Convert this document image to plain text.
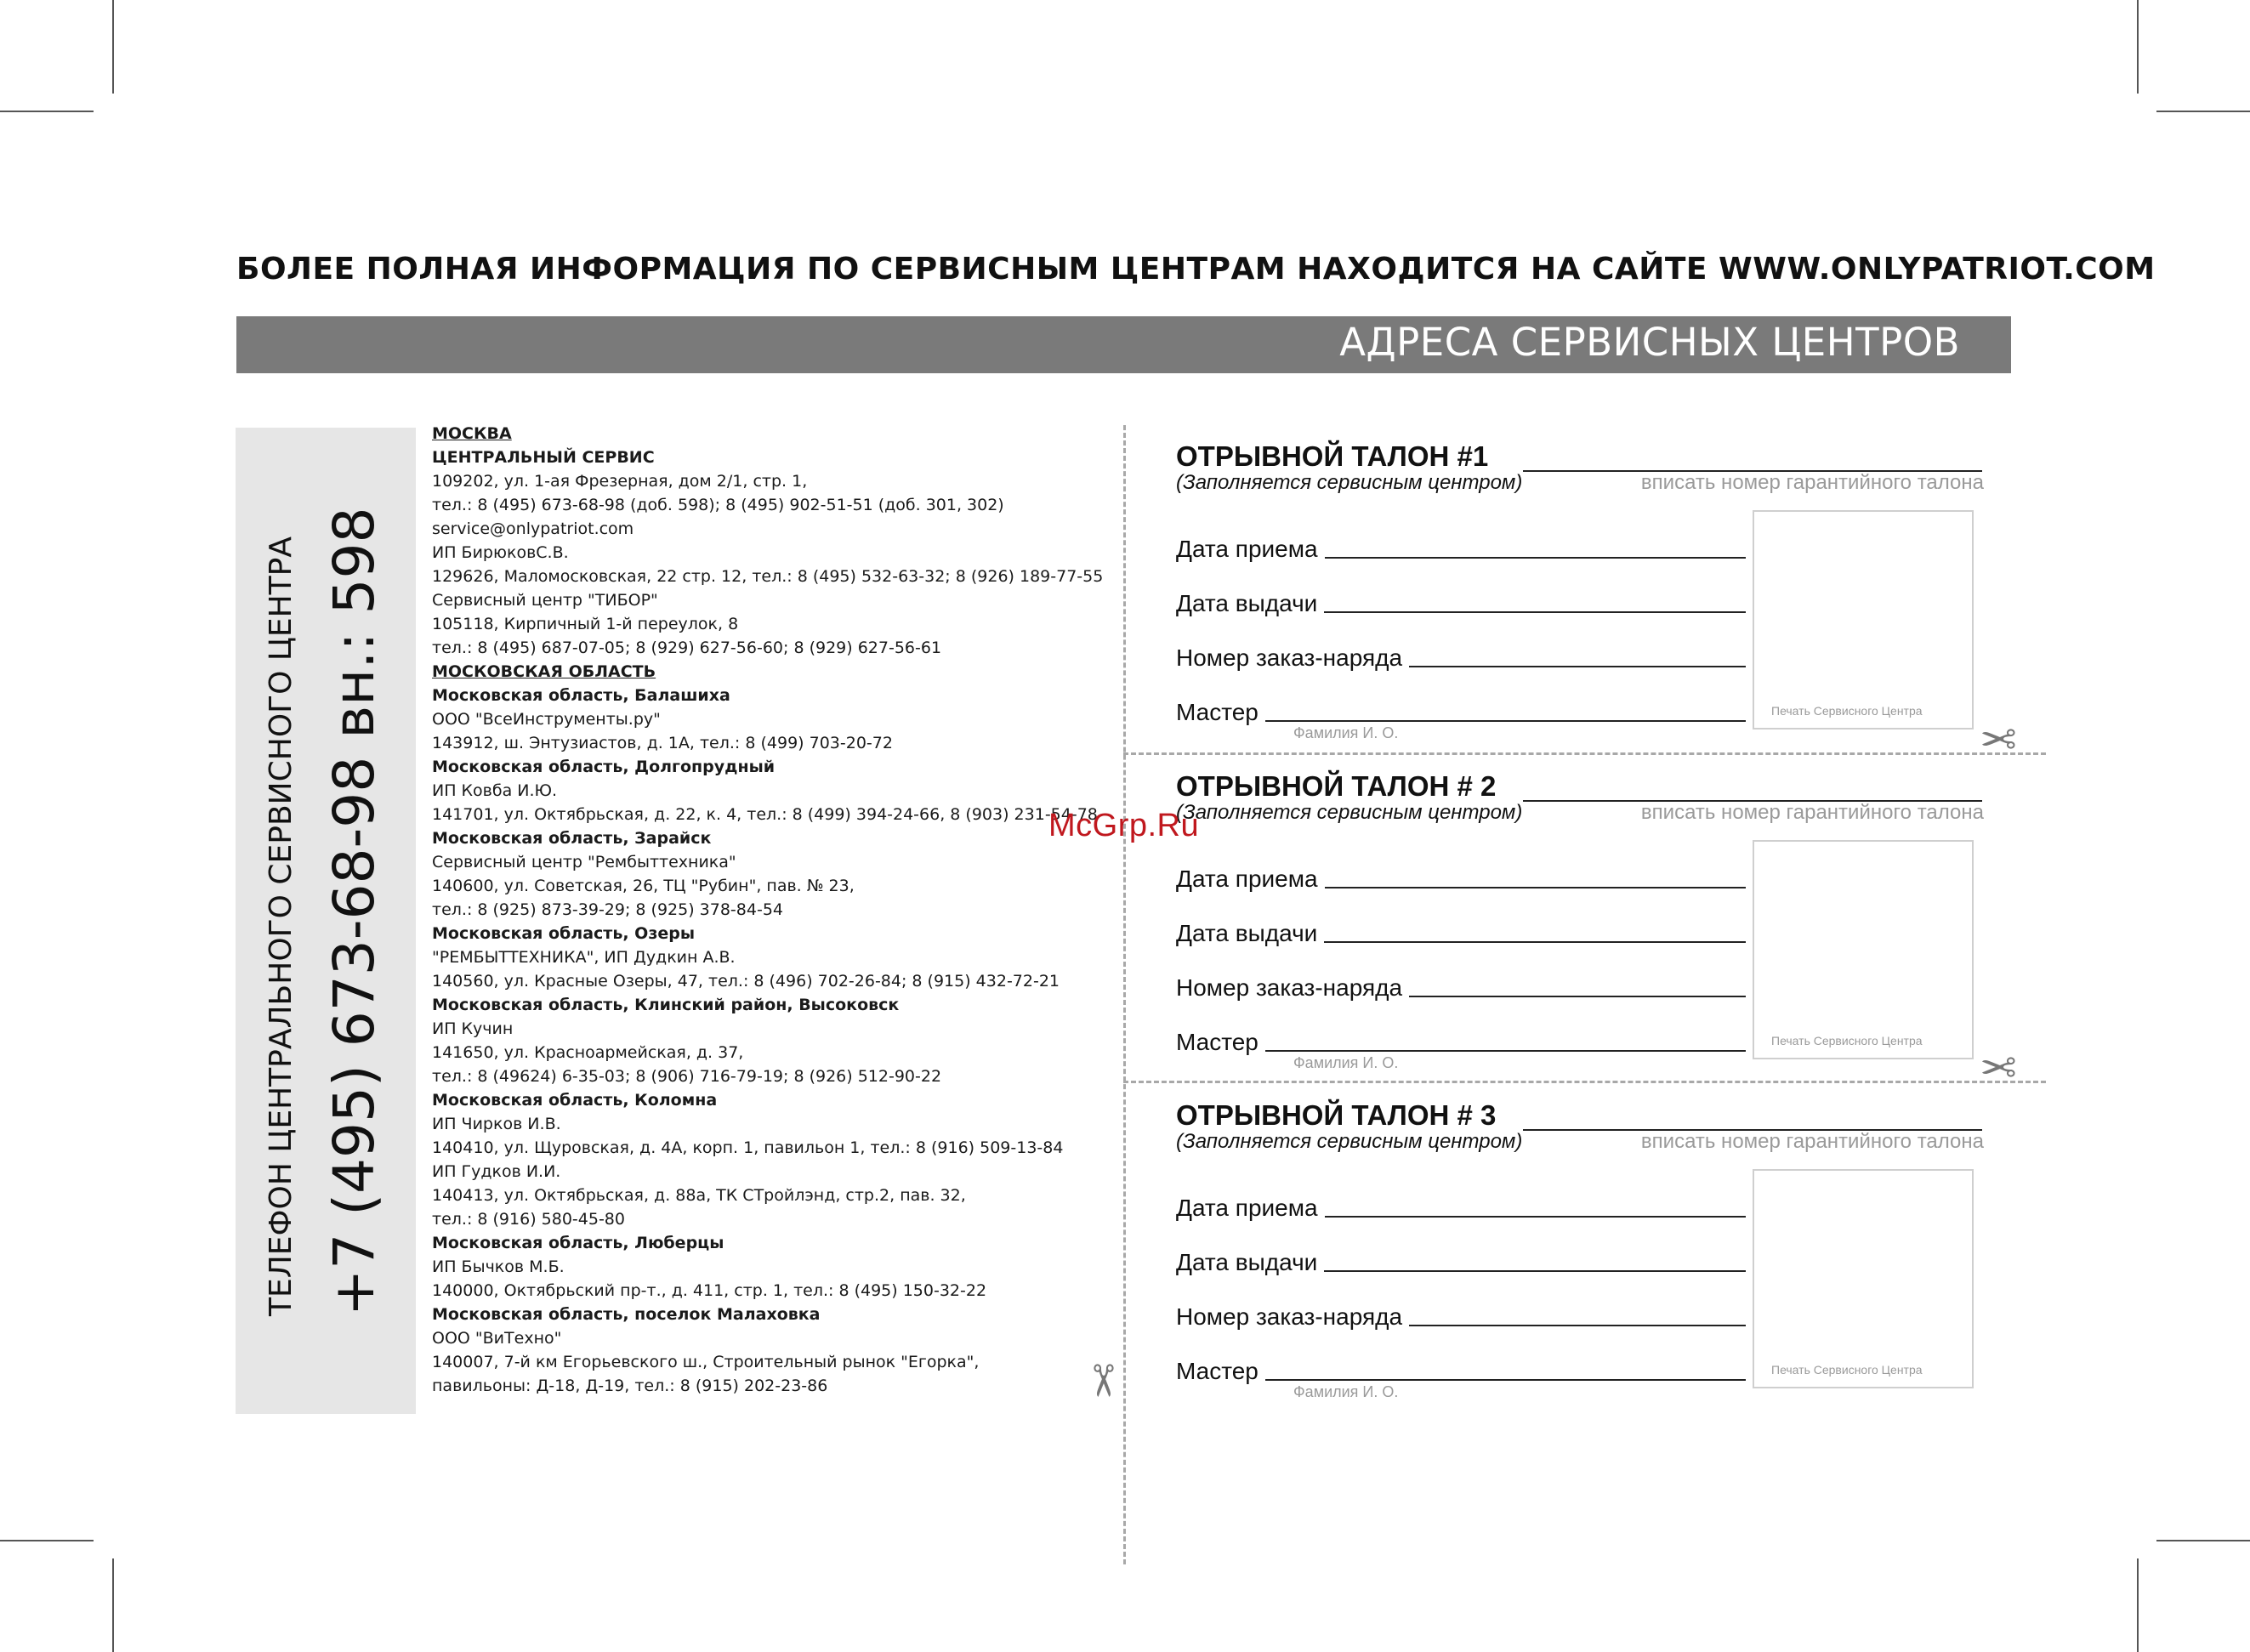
БОЛЕЕ ПОЛНАЯ ИНФОРМАЦИЯ ПО СЕРВИСНЫМ ЦЕНТРАМ НАХОДИТСЯ НА САЙТЕ WWW.ONLYPATRIOT.COM
АДРЕСА СЕРВИСНЫХ ЦЕНТРОВ
ТЕЛЕФОН ЦЕНТРАЛЬНОГО СЕРВИСНОГО ЦЕНТРА +7 (495) 673-68-98 вн.: 598
МОСКВА
ЦЕНТРАЛЬНЫЙ СЕРВИС
109202, ул. 1-ая Фрезерная, дом 2/1, стр. 1,
тел.: 8 (495) 673-68-98 (доб. 598); 8 (495) 902-51-51 (доб. 301, 302)
service@onlypatriot.com
ИП БирюковС.В.
129626, Маломосковская, 22 стр. 12, тел.: 8 (495) 532-63-32; 8 (926) 189-77-55
Сервисный центр "ТИБОР"
105118, Кирпичный 1-й переулок, 8
тел.: 8 (495) 687-07-05; 8 (929) 627-56-60; 8 (929) 627-56-61
МОСКОВСКАЯ ОБЛАСТЬ
Московская область, Балашиха
ООО "ВсеИнструменты.ру"
143912, ш. Энтузиастов, д. 1А, тел.: 8 (499) 703-20-72
Московская область, Долгопрудный
ИП Ковба И.Ю.
141701, ул. Октябрьская, д. 22, к. 4, тел.: 8 (499) 394-24-66, 8 (903) 231-54-78
Московская область, Зарайск
Сервисный центр "Рембыттехника"
140600, ул. Советская, 26, ТЦ "Рубин", пав. № 23,
тел.: 8 (925) 873-39-29; 8 (925) 378-84-54
Московская область, Озеры
"РЕМБЫТТЕХНИКА", ИП Дудкин А.В.
140560, ул. Красные Озеры, 47, тел.: 8 (496) 702-26-84; 8 (915) 432-72-21
Московская область, Клинский район, Высоковск
ИП Кучин
141650, ул. Красноармейская, д. 37,
тел.: 8 (49624) 6-35-03; 8 (906) 716-79-19; 8 (926) 512-90-22
Московская область, Коломна
ИП Чирков И.В.
140410, ул. Щуровская, д. 4А, корп. 1, павильон 1, тел.: 8 (916) 509-13-84
ИП Гудков И.И.
140413, ул. Октябрьская, д. 88а, ТК СТройлэнд, стр.2, пав. 32,
тел.: 8 (916) 580-45-80
Московская область, Люберцы
ИП Бычков М.Б.
140000, Октябрьский пр-т., д. 411, стр. 1, тел.: 8 (495) 150-32-22
Московская область, поселок Малаховка
ООО "ВиТехно"
140007, 7-й км Егорьевского ш., Строительный рынок "Егорка",
павильоны: Д-18, Д-19, тел.: 8 (915) 202-23-86	✂
✂
✂
ОТРЫВНОЙ ТАЛОН #1
(Заполняется сервисным центром)	вписать номер гарантийного талона
Дата приема
Дата выдачи
Номер заказ-наряда
Мастер
Фамилия И. О.
Печать Сервисного Центра
ОТРЫВНОЙ ТАЛОН # 2
(Заполняется сервисным центром)	вписать номер гарантийного талона
Дата приема
Дата выдачи
Номер заказ-наряда
Мастер
Фамилия И. О.
Печать Сервисного Центра
ОТРЫВНОЙ ТАЛОН # 3
(Заполняется сервисным центром)	вписать номер гарантийного талона
Дата приема
Дата выдачи
Номер заказ-наряда
Мастер
Фамилия И. О.
Печать Сервисного Центра
McGrp.Ru
